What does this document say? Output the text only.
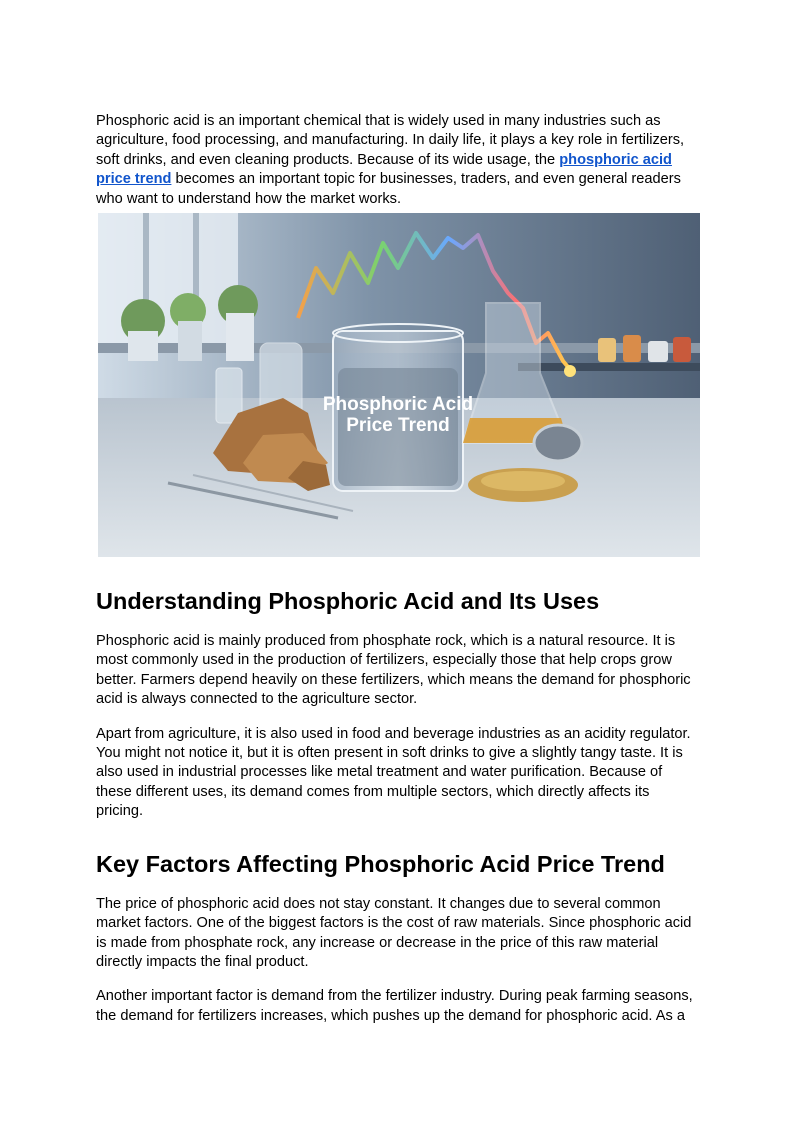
Phosphoric acid is an important chemical that is widely used in many industries such as agriculture, food processing, and manufacturing. In daily life, it plays a key role in fertilizers, soft drinks, and even cleaning products. Because of its wide usage, the phosphoric acid price trend becomes an important topic for businesses, traders, and even general readers who want to understand how the market works.

Phosphoric Acid
Price Trend
Understanding Phosphoric Acid and Its Uses

Phosphoric acid is mainly produced from phosphate rock, which is a natural resource. It is most commonly used in the production of fertilizers, especially those that help crops grow better. Farmers depend heavily on these fertilizers, which means the demand for phosphoric acid is always connected to the agriculture sector.

Apart from agriculture, it is also used in food and beverage industries as an acidity regulator. You might not notice it, but it is often present in soft drinks to give a slightly tangy taste. It is also used in industrial processes like metal treatment and water purification. Because of these different uses, its demand comes from multiple sectors, which directly affects its pricing.

Key Factors Affecting Phosphoric Acid Price Trend

The price of phosphoric acid does not stay constant. It changes due to several common market factors. One of the biggest factors is the cost of raw materials. Since phosphoric acid is made from phosphate rock, any increase or decrease in the price of this raw material directly impacts the final product.

Another important factor is demand from the fertilizer industry. During peak farming seasons, the demand for fertilizers increases, which pushes up the demand for phosphoric acid. As a
